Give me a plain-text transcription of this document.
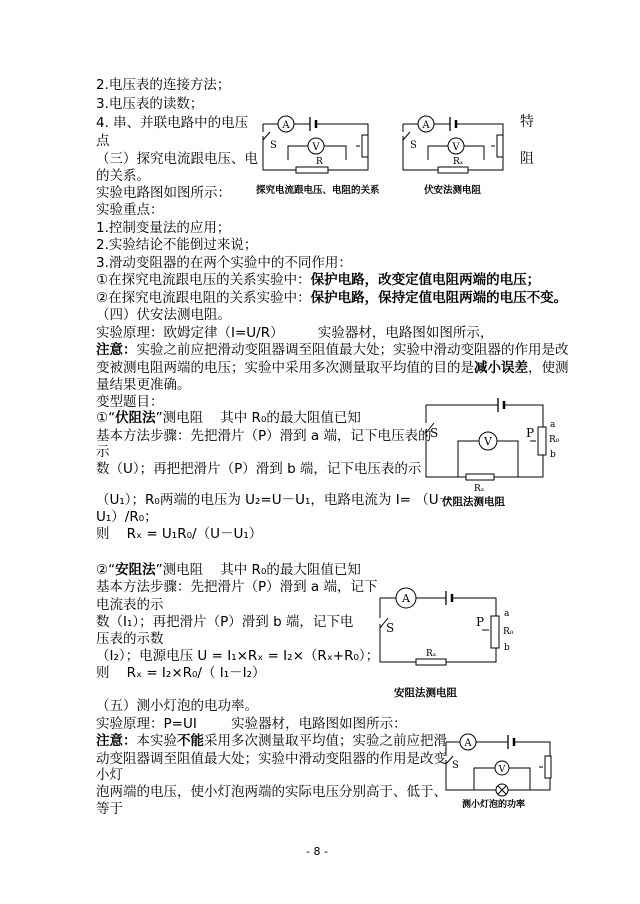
2.电压表的连接方法；
3.电压表的读数；
4. 串、并联电路中的电压
点
（三）探究电流跟电压、电
的关系。
实验电路图如图所示：
实验重点：
1.控制变量法的应用；
2.实验结论不能倒过来说；
3.滑动变阻器的在两个实验中的不同作用：
①在探究电流跟电压的关系实验中：保护电路，改变定值电阻两端的电压；
②在探究电流跟电阻的关系实验中：保护电路，保持定值电阻两端的电压不变。
（四）伏安法测电阻。
实验原理：欧姆定律（I=U/R）        实验器材，电路图如图所示，
注意：实验之前应把滑动变阻器调至阻值最大处；实验中滑动变阻器的作用是改
变被测电阻两端的电压；实验中采用多次测量取平均值的目的是减小误差，使测
量结果更准确。
变型题目：
①“伏阻法”测电阻    其中 R₀的最大阻值已知
基本方法步骤：先把滑片（P）滑到 a 端，记下电压表的
示
数（U）；再把把滑片（P）滑到 b 端，记下电压表的示
（U₁）；R₀两端的电压为 U₂=U－U₁，电路电流为 I= （U－
U₁）/R₀；
则    Rₓ = U₁R₀/（U－U₁）
②“安阻法”测电阻    其中 R₀的最大阻值已知
基本方法步骤：先把滑片（P）滑到 a 端，记下
电流表的示
数（I₁）；再把滑片（P）滑到 b 端，记下电
压表的示数
（I₂）；电源电压 U = I₁×Rₓ = I₂×（Rₓ+R₀）；
则    Rₓ = I₂×R₀/（ I₁－I₂）
（五）测小灯泡的电功率。
实验原理：P=UI        实验器材，电路图如图所示：
注意：本实验不能采用多次测量取平均值；实验之前应把滑
动变阻器调至阻值最大处；实验中滑动变阻器的作用是改变
小灯
泡两端的电压，使小灯泡两端的实际电压分别高于、低于、
等于
特
阻
A
S	V
R
探究电流跟电压、电阻的关系
A
S	V
Rₓ
伏安法测电阻
S	P
a
R₀
b
V
Rₓ
伏阻法测电阻
A
S	P
a
R₀
b
Rₓ
安阻法测电阻
A
S	V
测小灯泡的功率
- 8 -
